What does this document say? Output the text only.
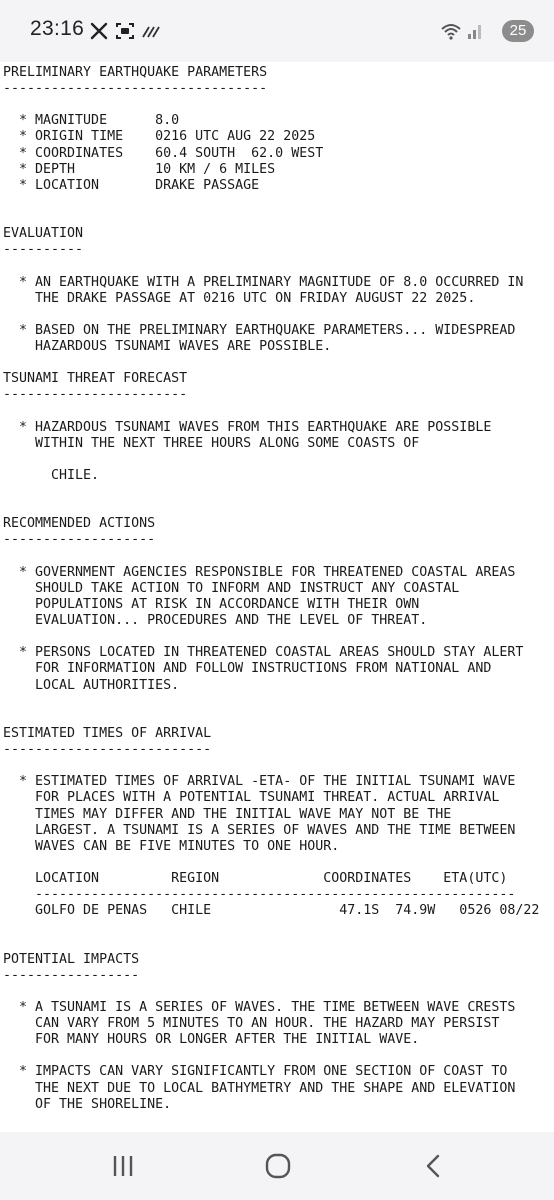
23:16	25
PRELIMINARY EARTHQUAKE PARAMETERS
---------------------------------
* MAGNITUDE      8.0
* ORIGIN TIME    0216 UTC AUG 22 2025
* COORDINATES    60.4 SOUTH  62.0 WEST
* DEPTH          10 KM / 6 MILES
* LOCATION       DRAKE PASSAGE
EVALUATION
----------
* AN EARTHQUAKE WITH A PRELIMINARY MAGNITUDE OF 8.0 OCCURRED IN
THE DRAKE PASSAGE AT 0216 UTC ON FRIDAY AUGUST 22 2025.
* BASED ON THE PRELIMINARY EARTHQUAKE PARAMETERS... WIDESPREAD
HAZARDOUS TSUNAMI WAVES ARE POSSIBLE.
TSUNAMI THREAT FORECAST
-----------------------
* HAZARDOUS TSUNAMI WAVES FROM THIS EARTHQUAKE ARE POSSIBLE
WITHIN THE NEXT THREE HOURS ALONG SOME COASTS OF
CHILE.
RECOMMENDED ACTIONS
-------------------
* GOVERNMENT AGENCIES RESPONSIBLE FOR THREATENED COASTAL AREAS
SHOULD TAKE ACTION TO INFORM AND INSTRUCT ANY COASTAL
POPULATIONS AT RISK IN ACCORDANCE WITH THEIR OWN
EVALUATION... PROCEDURES AND THE LEVEL OF THREAT.
* PERSONS LOCATED IN THREATENED COASTAL AREAS SHOULD STAY ALERT
FOR INFORMATION AND FOLLOW INSTRUCTIONS FROM NATIONAL AND
LOCAL AUTHORITIES.
ESTIMATED TIMES OF ARRIVAL
--------------------------
* ESTIMATED TIMES OF ARRIVAL -ETA- OF THE INITIAL TSUNAMI WAVE
FOR PLACES WITH A POTENTIAL TSUNAMI THREAT. ACTUAL ARRIVAL
TIMES MAY DIFFER AND THE INITIAL WAVE MAY NOT BE THE
LARGEST. A TSUNAMI IS A SERIES OF WAVES AND THE TIME BETWEEN
WAVES CAN BE FIVE MINUTES TO ONE HOUR.
LOCATION         REGION             COORDINATES    ETA(UTC)
------------------------------------------------------------
GOLFO DE PENAS   CHILE                47.1S  74.9W   0526 08/22
POTENTIAL IMPACTS
-----------------
* A TSUNAMI IS A SERIES OF WAVES. THE TIME BETWEEN WAVE CRESTS
CAN VARY FROM 5 MINUTES TO AN HOUR. THE HAZARD MAY PERSIST
FOR MANY HOURS OR LONGER AFTER THE INITIAL WAVE.
* IMPACTS CAN VARY SIGNIFICANTLY FROM ONE SECTION OF COAST TO
THE NEXT DUE TO LOCAL BATHYMETRY AND THE SHAPE AND ELEVATION
OF THE SHORELINE.
